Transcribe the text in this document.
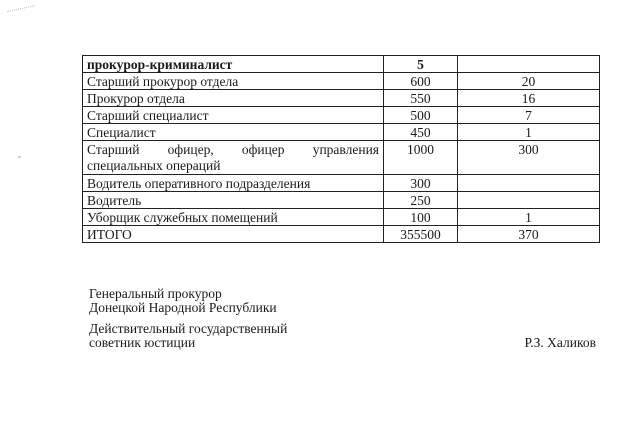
прокурор-криминалист	5	
Старший прокурор отдела	600	20
Прокурор отдела	550	16
Старший специалист	500	7
Специалист	450	1

Старший офицер, офицер управления
специальных операций	1000	300
Водитель оперативного подразделения	300	
Водитель	250	
Уборщик служебных помещений	100	1
ИТОГО	355500	370
Генеральный прокурор
Донецкой Народной Республики
Действительный государственный
советник юстиции	Р.З. Халиков
